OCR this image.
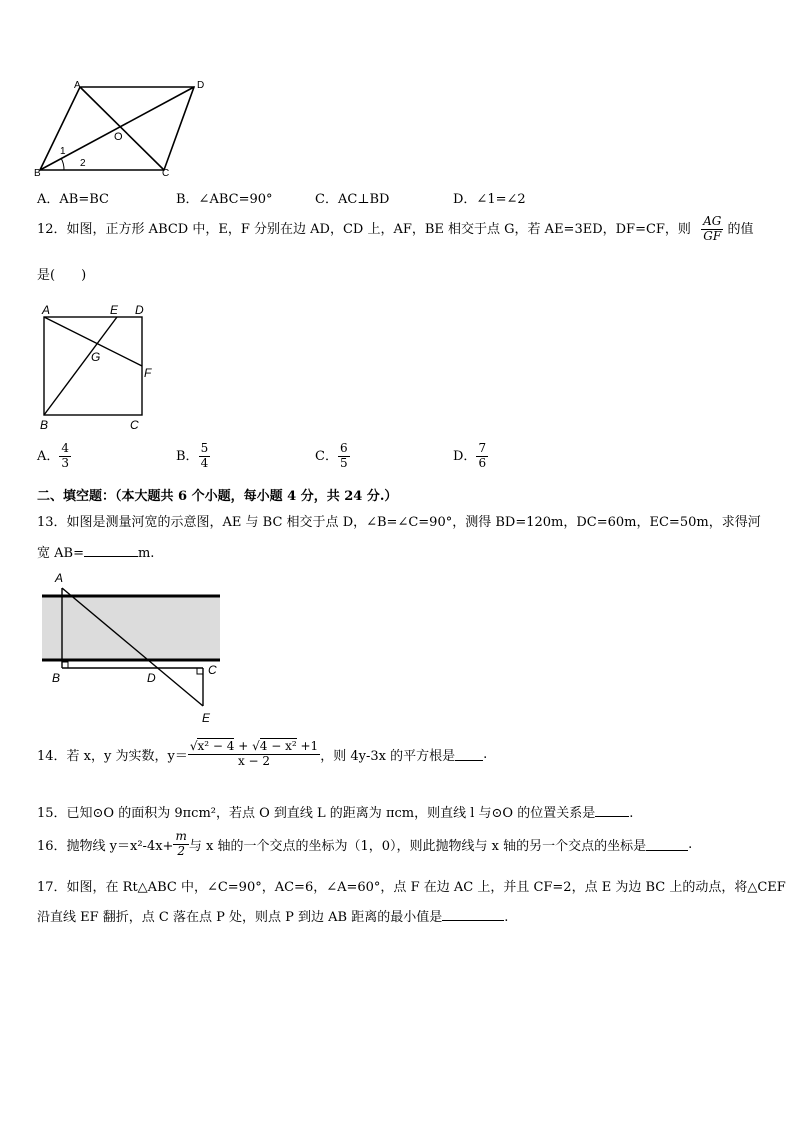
A	D
O
B	C
1
2
A．AB=BC	B．∠ABC=90°	C．AC⊥BD	D．∠1=∠2
12．如图，正方形 ABCD 中，E，F 分别在边 AD，CD 上，AF，BE 相交于点 G，若 AE=3ED，DF=CF，则 $\frac{AG}{GF}$ 的值
是(　　)
A	E D
G
F
B	C
A． $\frac{4}{3}$	B． $\frac{5}{4}$	C． $\frac{6}{5}$	D． $\frac{7}{6}$
二、填空题：（本大题共 6 个小题，每小题 4 分，共 24 分.）
13．如图是测量河宽的示意图，AE 与 BC 相交于点 D，∠B=∠C=90°，测得 BD=120m，DC=60m，EC=50m，求得河
宽 AB=	m.
A
B	D
C
E
14．若 x，y 为实数，$y= \frac{\text{√x² − 4 + √4 − x² +1}}{x - 2}$ ，则 4y-3x 的平方根是 .
15．已知⊙O 的面积为 9πcm²，若点 O 到直线 L 的距离为 πcm，则直线 l 与⊙O 的位置关系是	.
16．抛物线 $y=x^2-4x+ \frac{m}{2}$ 与 x 轴的一个交点的坐标为（1，0），则此抛物线与 x 轴的另一个交点的坐标是	.
17．如图，在 Rt△ABC 中，∠C=90°，AC=6，∠A=60°，点 F 在边 AC 上，并且 CF=2，点 E 为边 BC 上的动点，将△CEF
沿直线 EF 翻折，点 C 落在点 P 处，则点 P 到边 AB 距离的最小值是	.
